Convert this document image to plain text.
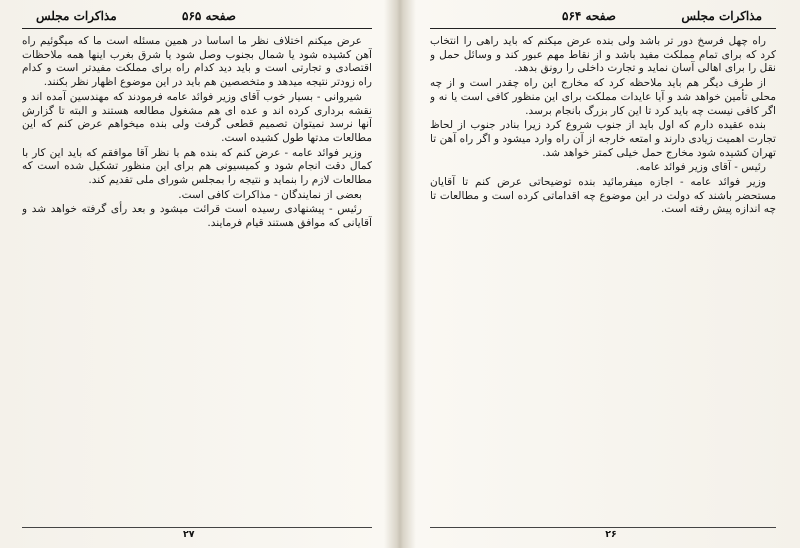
مذاکرات مجلس	صفحه ۵۶۵

عرض میکنم اختلاف نظر ما اساساً در همین مسئله است ما که میگوئیم راه آهن کشیده شود یا شمال بجنوب وصل شود یا شرق بغرب اینها همه ملاحظات اقتصادی و تجارتی است و باید دید کدام راه برای مملکت مفیدتر است و کدام راه زودتر نتیجه میدهد و متخصصین هم باید در این موضوع اظهار نظر بکنند.

شیروانی - بسیار خوب آقای وزیر فوائد عامه فرمودند که مهندسین آمده اند و نقشه برداری کرده اند و عده ای هم مشغول مطالعه هستند و البته تا گزارش آنها نرسد نمیتوان تصمیم قطعی گرفت ولی بنده میخواهم عرض کنم که این مطالعات مدتها طول کشیده است.

وزیر فوائد عامه - عرض کنم که بنده هم با نظر آقا موافقم که باید این کار با کمال دقت انجام شود و کمیسیونی هم برای این منظور تشکیل شده است که مطالعات لازم را بنماید و نتیجه را بمجلس شورای ملی تقدیم کند.

بعضی از نمایندگان - مذاکرات کافی است.

رئیس - پیشنهادی رسیده است قرائت میشود و بعد رأی گرفته خواهد شد و آقایانی که موافق هستند قیام فرمایند.

۲۷
مذاکرات مجلس
صفحه ۵۶۴

راه چهل فرسخ دور تر باشد ولی بنده عرض میکنم که باید راهی را انتخاب کرد که برای تمام مملکت مفید باشد و از نقاط مهم عبور کند و وسائل حمل و نقل را برای اهالی آسان نماید و تجارت داخلی را رونق بدهد.

از طرف دیگر هم باید ملاحظه کرد که مخارج این راه چقدر است و از چه محلی تأمین خواهد شد و آیا عایدات مملکت برای این منظور کافی است یا نه و اگر کافی نیست چه باید کرد تا این کار بزرگ بانجام برسد.

بنده عقیده دارم که اول باید از جنوب شروع کرد زیرا بنادر جنوب از لحاظ تجارت اهمیت زیادی دارند و امتعه خارجه از آن راه وارد میشود و اگر راه آهن تا تهران کشیده شود مخارج حمل خیلی کمتر خواهد شد.

رئیس - آقای وزیر فوائد عامه.

وزیر فوائد عامه - اجازه میفرمائید بنده توضیحاتی عرض کنم تا آقایان مستحضر باشند که دولت در این موضوع چه اقداماتی کرده است و مطالعات تا چه اندازه پیش رفته است.

۲۶
